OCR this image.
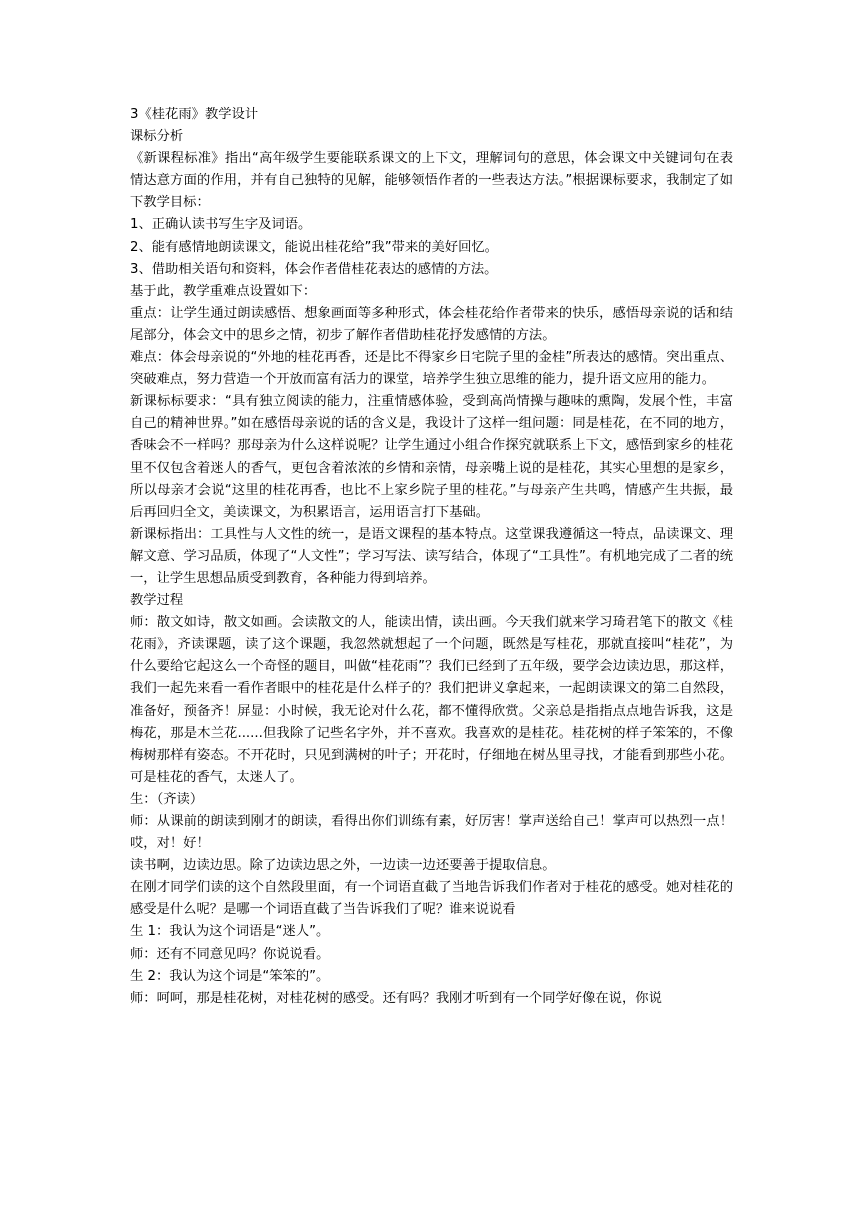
3《桂花雨》教学设计

课标分析

《新课程标准》指出“高年级学生要能联系课文的上下文，理解词句的意思，体会课文中关键词句在表情达意方面的作用，并有自己独特的见解，能够领悟作者的一些表达方法。”根据课标要求，我制定了如下教学目标：

1、正确认读书写生字及词语。

2、能有感情地朗读课文，能说出桂花给”我”带来的美好回忆。

3、借助相关语句和资料，体会作者借桂花表达的感情的方法。

基于此，教学重难点设置如下：

重点：让学生通过朗读感悟、想象画面等多种形式，体会桂花给作者带来的快乐，感悟母亲说的话和结尾部分，体会文中的思乡之情，初步了解作者借助桂花抒发感情的方法。

难点：体会母亲说的“外地的桂花再香，还是比不得家乡日宅院子里的金桂”所表达的感情。突出重点、突破难点，努力营造一个开放而富有活力的课堂，培养学生独立思维的能力，提升语文应用的能力。

新课标标要求：“具有独立阅读的能力，注重情感体验，受到高尚情操与趣味的熏陶，发展个性，丰富自己的精神世界。”如在感悟母亲说的话的含义是，我设计了这样一组问题：同是桂花，在不同的地方，香味会不一样吗？那母亲为什么这样说呢？让学生通过小组合作探究就联系上下文，感悟到家乡的桂花里不仅包含着迷人的香气，更包含着浓浓的乡情和亲情，母亲嘴上说的是桂花，其实心里想的是家乡，所以母亲才会说“这里的桂花再香，也比不上家乡院子里的桂花。”与母亲产生共鸣，情感产生共振，最后再回归全文，美读课文，为积累语言，运用语言打下基础。

新课标指出：工具性与人文性的统一，是语文课程的基本特点。这堂课我遵循这一特点，品读课文、理解文意、学习品质，体现了“人文性”；学习写法、读写结合，体现了“工具性”。有机地完成了二者的统一，让学生思想品质受到教育，各种能力得到培养。

教学过程

师：散文如诗，散文如画。会读散文的人，能读出情，读出画。今天我们就来学习琦君笔下的散文《桂花雨》，齐读课题，读了这个课题，我忽然就想起了一个问题，既然是写桂花，那就直接叫“桂花”，为什么要给它起这么一个奇怪的题目，叫做“桂花雨”？我们已经到了五年级，要学会边读边思，那这样，我们一起先来看一看作者眼中的桂花是什么样子的？我们把讲义拿起来，一起朗读课文的第二自然段，准备好，预备齐！屏显：小时候，我无论对什么花，都不懂得欣赏。父亲总是指指点点地告诉我，这是梅花，那是木兰花......但我除了记些名字外，并不喜欢。我喜欢的是桂花。桂花树的样子笨笨的，不像梅树那样有姿态。不开花时，只见到满树的叶子；开花时，仔细地在树丛里寻找，才能看到那些小花。可是桂花的香气，太迷人了。

生：（齐读）

师：从课前的朗读到刚才的朗读，看得出你们训练有素，好厉害！掌声送给自己！掌声可以热烈一点！哎，对！好！

读书啊，边读边思。除了边读边思之外，一边读一边还要善于提取信息。

在刚才同学们读的这个自然段里面，有一个词语直截了当地告诉我们作者对于桂花的感受。她对桂花的感受是什么呢？是哪一个词语直截了当告诉我们了呢？谁来说说看

生 1：我认为这个词语是“迷人”。

师：还有不同意见吗？你说说看。

生 2：我认为这个词是“笨笨的”。

师：呵呵，那是桂花树，对桂花树的感受。还有吗？我刚才听到有一个同学好像在说，你说
